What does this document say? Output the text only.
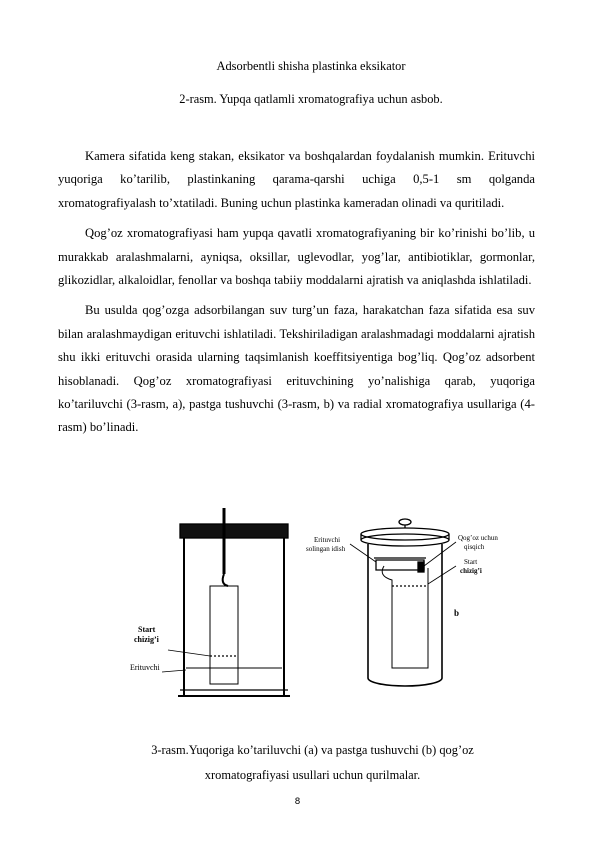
Adsorbentli shisha plastinka eksikator
2-rasm. Yupqa qatlamli xromatografiya uchun asbob.

Kamera sifatida keng stakan, eksikator va boshqalardan foydalanish mumkin. Erituvchi yuqoriga ko’tarilib, plastinkaning qarama-qarshi uchiga 0,5-1 sm qolganda xromatografiyalash to’xtatiladi. Buning uchun plastinka kameradan olinadi va quritiladi.

Qog’oz xromatografiyasi ham yupqa qavatli xromatografiyaning bir ko’rinishi bo’lib, u murakkab aralashmalarni, ayniqsa, oksillar, uglevodlar, yog’lar, antibiotiklar, gormonlar, glikozidlar, alkaloidlar, fenollar va boshqa tabiiy moddalarni ajratish va aniqlashda ishlatiladi.

Bu usulda qog’ozga adsorbilangan suv turg’un faza, harakatchan faza sifatida esa suv bilan aralashmaydigan erituvchi ishlatiladi. Tekshiriladigan aralashmadagi moddalarni ajratish shu ikki erituvchi orasida ularning taqsimlanish koeffitsiyentiga bog’liq. Qog’oz adsorbent hisoblanadi. Qog’oz xromatografiyasi erituvchining yo’nalishiga qarab, yuqoriga ko’tariluvchi (3-rasm, a), pastga tushuvchi (3-rasm, b) va radial xromatografiya usullariga (4-rasm) bo’linadi.

Start
chizig’i
Erituvchi
Erituvchi
solingan idish
Qog’oz uchun
qisqich
Start
chizig’i
b
3-rasm.Yuqoriga ko’tariluvchi (a) va pastga tushuvchi (b) qog’oz
xromatografiyasi usullari uchun qurilmalar.
8
